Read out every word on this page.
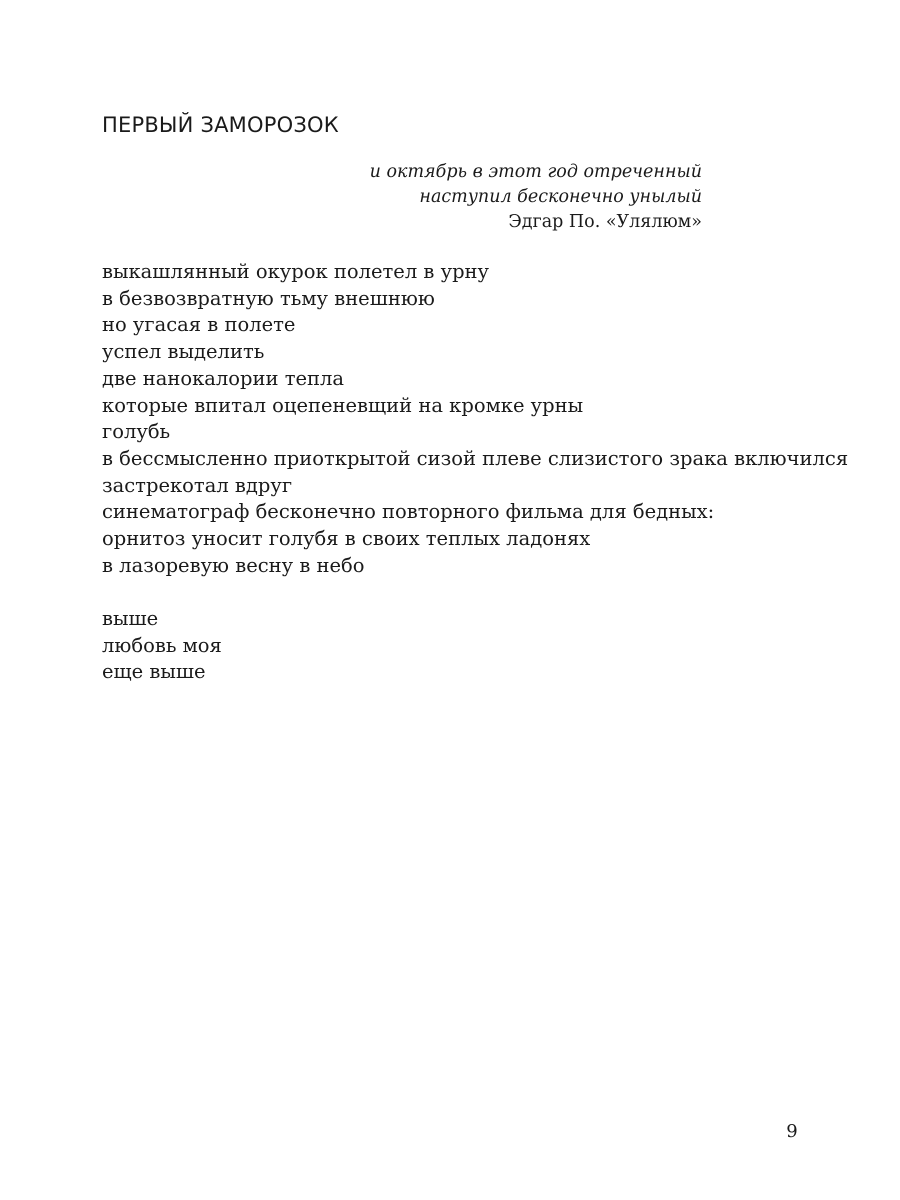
ПЕРВЫЙ ЗАМОРОЗОК
и октябрь в этот год отреченный
наступил бесконечно унылый
Эдгар По. «Улялюм»
выкашлянный окурок полетел в урну
в безвозвратную тьму внешнюю
но угасая в полете
успел выделить
две нанокалории тепла
которые впитал оцепеневщий на кромке урны
голубь
в бессмысленно приоткрытой сизой плеве слизистого зрака включился
застрекотал вдруг
синематограф бесконечно повторного фильма для бедных:
орнитоз уносит голубя в своих теплых ладонях
в лазоревую весну в небо
выше
любовь моя
еще выше
9
